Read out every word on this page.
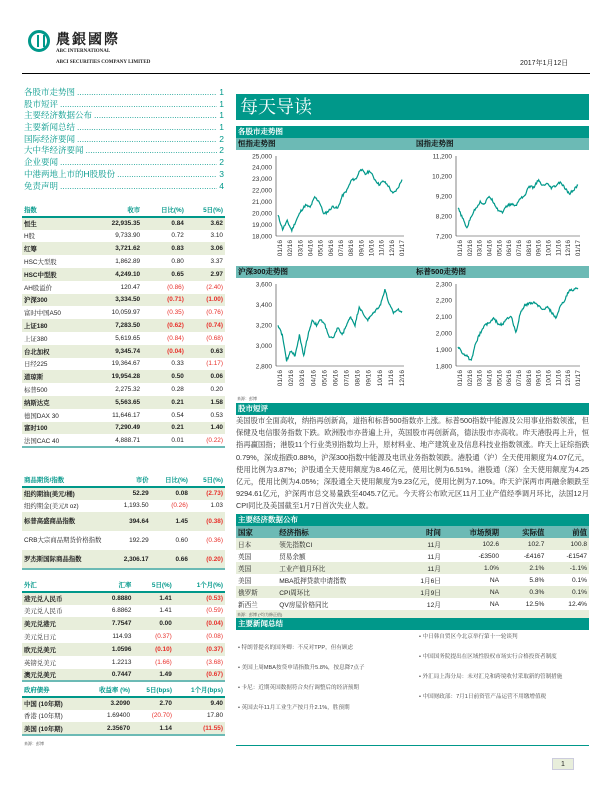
農銀國際
ABC INTERNATIONAL
ABCI SECURITIES COMPANY LIMITED	2017年1月12日
各股市走势图 .....	1
股市短评 .....	1
主要经济数据公布 .....	1
主要新闻总结 .....	1
国际经济要闻 .....	2
大中华经济要闻 .....	2
企业要闻 .....	2
中港两地上市的H股股份 .....	3
免责声明 .....	4
每天导读
各股市走势图
恒指走势图	国指走势图
18,000
19,000
20,000
21,000
22,000
23,000
24,000
25,000
01/16 02/16 03/16 04/16 05/16 06/16 07/16 08/16 09/16 10/16 11/16 12/16 01/17
7,200
8,200
9,200
10,200
11,200
01/16 02/16 03/16 04/16 05/16 06/16 07/16 08/16 09/16 10/16 11/16 12/16 01/17
沪深300走势图	标普500走势图
2,800
3,000
3,200
3,400
3,600
01/16 02/16 03/16 04/16 05/16 06/16 07/16 08/16 09/16 10/16 11/16 12/16
1,800
1,900
2,000
2,100
2,200
2,300
01/16 02/16 03/16 04/16 05/16 06/16 07/16 08/16 09/16 10/16 11/16 12/16 01/17
来源：彭博
股市短评
美国股市全面高收，纳指再创新高，道指和标普500指数亦上涨。标普500指数中能源及公用事业指数领涨，但保健及电信服务指数下跌。欧洲股市亦普遍上升，英国股市再创新高，德法股市亦高收。昨天港股再上升，恒指再赢国指；港股11个行业类别指数均上升，原材料业、地产建筑业及信息科技业指数领涨。昨天上证综指跌0.79%，深成指跌0.88%，沪深300指数中能源及电讯业务指数领跌。港股通（沪）全天使用额度为4.07亿元，使用比例为3.87%；沪股通全天使用额度为8.46亿元，使用比例为6.51%。港股通（深）全天使用额度为4.25亿元，使用比例为4.05%；深股通全天使用额度为9.23亿元，使用比例为7.10%。昨天沪深两市两融余额跌至9294.61亿元，沪深两市总交易量跌至4045.7亿元。今天将公布欧元区11月工业产值经季调月环比，法国12月CPI同比及美国截至1月7日首次失业人数。
主要经济数据公布
国家	经济指标	时间	市场预期	实际值	前值
日本	领先指数CI	11月	102.6	102.7	100.8
英国	贸易余额	11月	-£3500	-£4167	-£1547
英国	工业产值月环比	11月	1.0%	2.1%	-1.1%
美国	MBA抵押贷款申请指数	1月6日	NA	5.8%	0.1%
俄罗斯	CPI周环比	1月9日	NA	0.3%	0.1%
新西兰	QV房屋价格同比	12月	NA	12.5%	12.4%

来源：彭博 (*均为修正值)
主要新闻总结
• 特朗普提名的国务卿：不反对TPP，但有顾虑
• 美国上周MBA按贷申请指数升5.8%，按息降7点子
• 卡尼：近期英国数据符合央行调整后的经济预期
• 英国去年11月工业生产按月升2.1%，胜预期
• 中日韩自贸区今北京举行第十一轮谈判
• 中国国务院提出在区域性股权市场实行合格投资者制度
• 外汇局上海分局：未对汇兑和跨境收付采取新的管制措施
• 中国财政部：7月1日前资管产品运营不用缴增值税
指数	收市	日比(%)	5日(%)
恒生	22,935.35	0.84	3.62
H股	9,733.90	0.72	3.10
红筹	3,721.62	0.83	3.06
HSC大型股	1,862.89	0.80	3.37
HSC中型股	4,249.10	0.65	2.97
AH股溢价	120.47	(0.86)	(2.40)
沪深300	3,334.50	(0.71)	(1.00)
富时中国A50	10,059.97	(0.35)	(0.76)
上证180	7,283.50	(0.62)	(0.74)
上证380	5,619.65	(0.84)	(0.68)
台北加权	9,345.74	(0.04)	0.63
日经225	19,364.67	0.33	(1.17)
道琼斯	19,954.28	0.50	0.06
标普500	2,275.32	0.28	0.20
纳斯达克	5,563.65	0.21	1.58
德国DAX 30	11,646.17	0.54	0.53
富时100	7,290.49	0.21	1.40
法国CAC 40	4,888.71	0.01	(0.22)
商品期货/指数	市价	日比(%)	5日(%)
纽约期油(美元/桶)	52.29	0.08	(2.73)
纽约期金(美元/t oz)	1,193.50	(0.26)	1.03
标普高盛商品指数	394.64	1.45	(0.38)
CRB大宗商品期货价格指数	192.29	0.60	(0.36)
罗杰斯国际商品指数	2,306.17	0.66	(0.20)
外汇	汇率	5日(%)	1个月(%)
港元兑人民币	0.8880	1.41	(0.53)
美元兑人民币	6.8862	1.41	(0.59)
美元兑港元	7.7547	0.00	(0.04)
美元兑日元	114.93	(0.37)	(0.08)
欧元兑美元	1.0596	(0.10)	(0.37)
英镑兑美元	1.2213	(1.66)	(3.68)
澳元兑美元	0.7447	1.49	(0.67)
政府债券	收益率 (%)	5日(bps)	1个月(bps)
中国 (10年期)	3.2090	2.70	9.40
香港 (10年期)	1.69400	(20.70)	17.80
美国 (10年期)	2.35670	1.14	(11.55)
来源：彭博
1
